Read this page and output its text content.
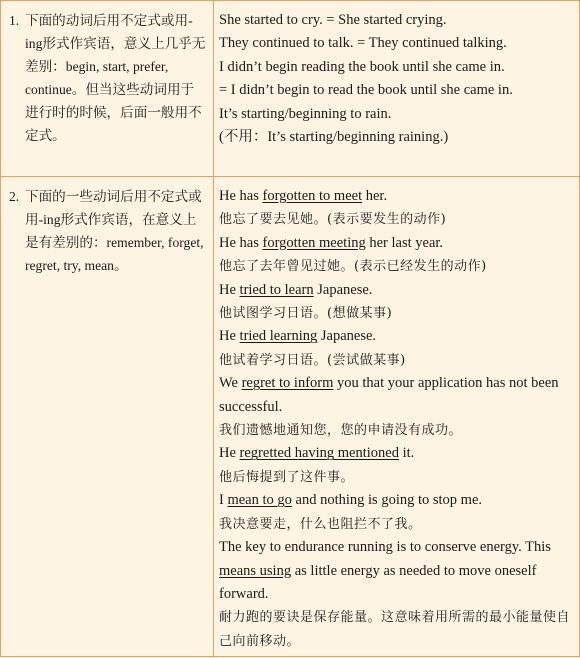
1. 下面的动词后用不定式或用-ing形式作宾语，意义上几乎无差别：begin, start, prefer, continue。但当这些动词用于进行时的时候，后面一般用不定式。
She started to cry. = She started crying.
They continued to talk. = They continued talking.
I didn’t begin reading the book until she came in.
= I didn’t begin to read the book until she came in.
It’s starting/beginning to rain.
(不用：It’s starting/beginning raining.)
2. 下面的一些动词后用不定式或用-ing形式作宾语，在意义上是有差别的：remember, forget, regret, try, mean。
He has forgotten to meet her.
他忘了要去见她。(表示要发生的动作)
He has forgotten meeting her last year.
他忘了去年曾见过她。(表示已经发生的动作)
He tried to learn Japanese.
他试图学习日语。(想做某事)
He tried learning Japanese.
他试着学习日语。(尝试做某事)
We regret to inform you that your application has not been successful.
我们遗憾地通知您，您的申请没有成功。
He regretted having mentioned it.
他后悔提到了这件事。
I mean to go and nothing is going to stop me.
我决意要走，什么也阻拦不了我。
The key to endurance running is to conserve energy. This means using as little energy as needed to move oneself forward.
耐力跑的要诀是保存能量。这意味着用所需的最小能量使自己向前移动。
